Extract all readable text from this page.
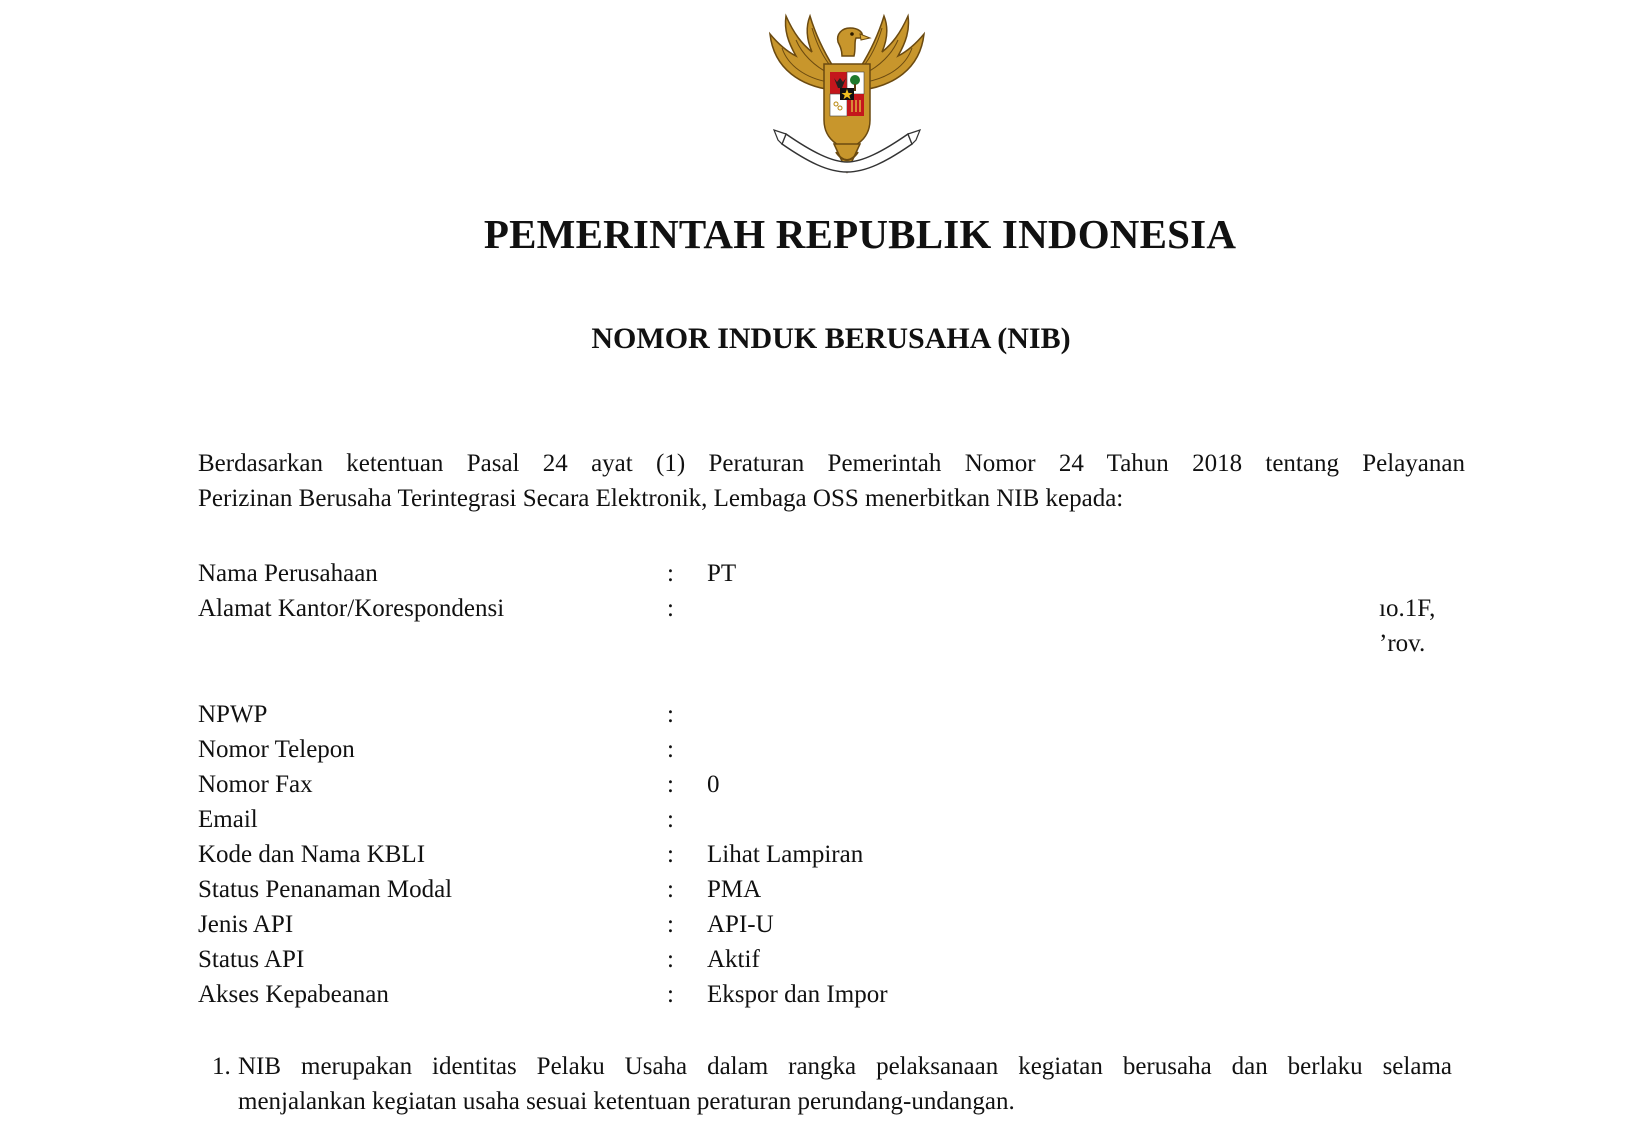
PEMERINTAH REPUBLIK INDONESIA
NOMOR INDUK BERUSAHA (NIB)
Berdasarkan ketentuan Pasal 24 ayat (1) Peraturan Pemerintah Nomor 24 Tahun 2018 tentang Pelayanan
Perizinan Berusaha Terintegrasi Secara Elektronik, Lembaga OSS menerbitkan NIB kepada:
Nama Perusahaan	: PT
Alamat Kantor/Korespondensi	:	ıo.1F,
’rov.
NPWP	:
Nomor Telepon	:
Nomor Fax	: 0
Email	:
Kode dan Nama KBLI	: Lihat Lampiran
Status Penanaman Modal	: PMA
Jenis API	: API-U
Status API	: Aktif
Akses Kepabeanan	: Ekspor dan Impor
1. NIB merupakan identitas Pelaku Usaha dalam rangka pelaksanaan kegiatan berusaha dan berlaku selama
menjalankan kegiatan usaha sesuai ketentuan peraturan perundang-undangan.
